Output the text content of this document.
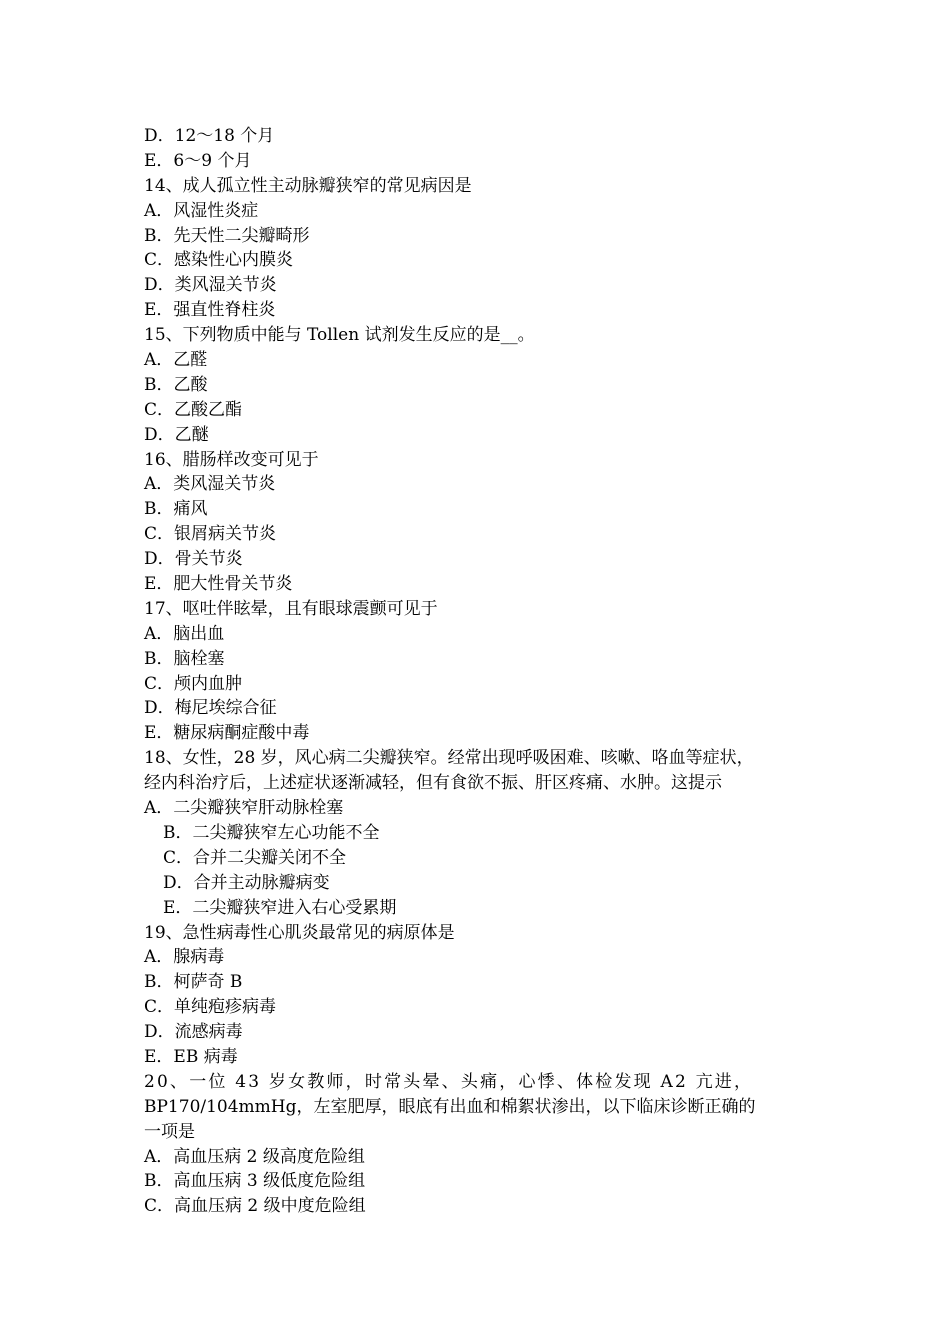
D．12～18 个月
E．6～9 个月
14、成人孤立性主动脉瓣狭窄的常见病因是
A．风湿性炎症
B．先天性二尖瓣畸形
C．感染性心内膜炎
D．类风湿关节炎
E．强直性脊柱炎
15、下列物质中能与 Tollen 试剂发生反应的是__。
A．乙醛
B．乙酸
C．乙酸乙酯
D．乙醚
16、腊肠样改变可见于
A．类风湿关节炎
B．痛风
C．银屑病关节炎
D．骨关节炎
E．肥大性骨关节炎
17、呕吐伴眩晕，且有眼球震颤可见于
A．脑出血
B．脑栓塞
C．颅内血肿
D．梅尼埃综合征
E．糖尿病酮症酸中毒
18、女性，28 岁，风心病二尖瓣狭窄。经常出现呼吸困难、咳嗽、咯血等症状，
经内科治疗后，上述症状逐渐减轻，但有食欲不振、肝区疼痛、水肿。这提示
A．二尖瓣狭窄肝动脉栓塞
B．二尖瓣狭窄左心功能不全
C．合并二尖瓣关闭不全
D．合并主动脉瓣病变
E．二尖瓣狭窄进入右心受累期
19、急性病毒性心肌炎最常见的病原体是
A．腺病毒
B．柯萨奇 B
C．单纯疱疹病毒
D．流感病毒
E．EB 病毒
20、一位 43 岁女教师，时常头晕、头痛，心悸、体检发现 A2 亢进，
BP170/104mmHg，左室肥厚，眼底有出血和棉絮状渗出，以下临床诊断正确的
一项是
A．高血压病 2 级高度危险组
B．高血压病 3 级低度危险组
C．高血压病 2 级中度危险组
